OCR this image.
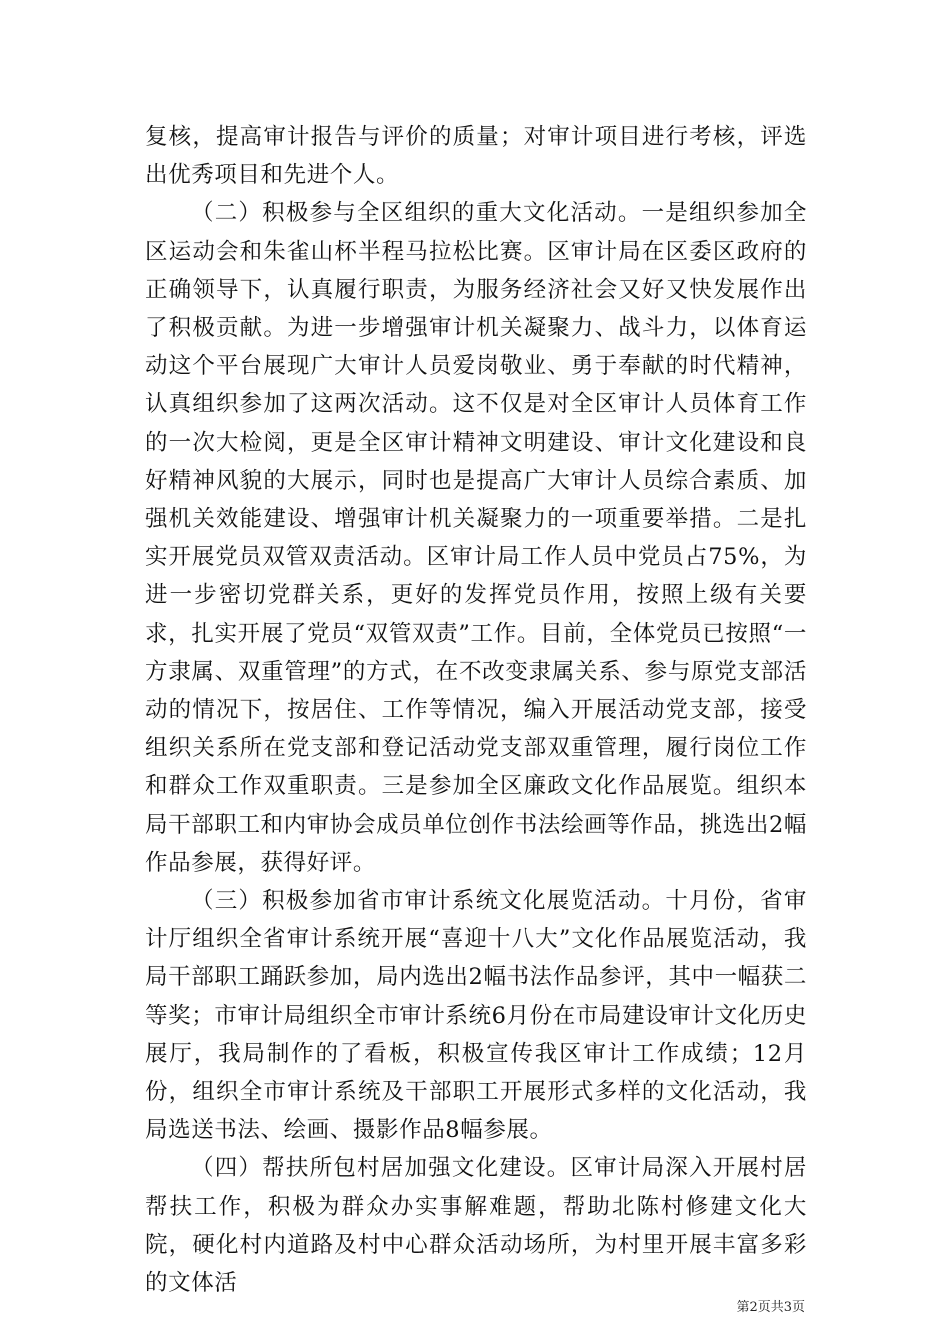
复核，提高审计报告与评价的质量；对审计项目进行考核，评选出优秀项目和先进个人。

（二）积极参与全区组织的重大文化活动。一是组织参加全区运动会和朱雀山杯半程马拉松比赛。区审计局在区委区政府的正确领导下，认真履行职责，为服务经济社会又好又快发展作出了积极贡献。为进一步增强审计机关凝聚力、战斗力，以体育运动这个平台展现广大审计人员爱岗敬业、勇于奉献的时代精神，认真组织参加了这两次活动。这不仅是对全区审计人员体育工作的一次大检阅，更是全区审计精神文明建设、审计文化建设和良好精神风貌的大展示，同时也是提高广大审计人员综合素质、加强机关效能建设、增强审计机关凝聚力的一项重要举措。二是扎实开展党员双管双责活动。区审计局工作人员中党员占75%，为进一步密切党群关系，更好的发挥党员作用，按照上级有关要求，扎实开展了党员“双管双责”工作。目前，全体党员已按照“一方隶属、双重管理”的方式，在不改变隶属关系、参与原党支部活动的情况下，按居住、工作等情况，编入开展活动党支部，接受组织关系所在党支部和登记活动党支部双重管理，履行岗位工作和群众工作双重职责。三是参加全区廉政文化作品展览。组织本局干部职工和内审协会成员单位创作书法绘画等作品，挑选出2幅作品参展，获得好评。

（三）积极参加省市审计系统文化展览活动。十月份，省审计厅组织全省审计系统开展“喜迎十八大”文化作品展览活动，我局干部职工踊跃参加，局内选出2幅书法作品参评，其中一幅获二等奖；市审计局组织全市审计系统6月份在市局建设审计文化历史展厅，我局制作的了看板，积极宣传我区审计工作成绩；12月份，组织全市审计系统及干部职工开展形式多样的文化活动，我局选送书法、绘画、摄影作品8幅参展。

（四）帮扶所包村居加强文化建设。区审计局深入开展村居帮扶工作，积极为群众办实事解难题，帮助北陈村修建文化大院，硬化村内道路及村中心群众活动场所，为村里开展丰富多彩的文体活

第2页共3页
